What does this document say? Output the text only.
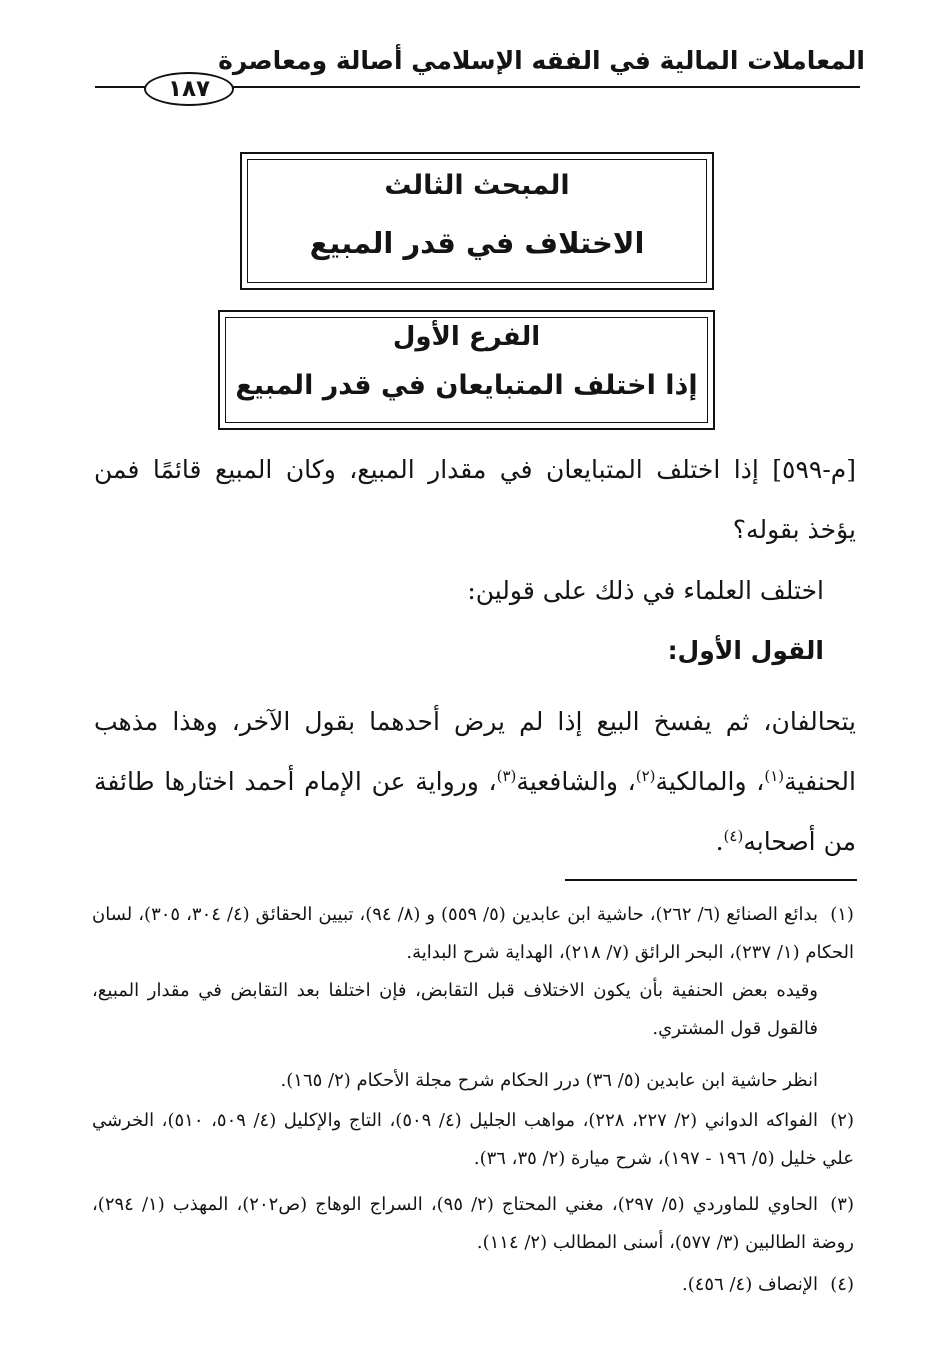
المعاملات المالية في الفقه الإسلامي أصالة ومعاصرة
١٨٧
المبحث الثالث
الاختلاف في قدر المبيع
الفرع الأول
إذا اختلف المتبايعان في قدر المبيع
[م-٥٩٩] إذا اختلف المتبايعان في مقدار المبيع، وكان المبيع قائمًا فمن يؤخذ بقوله؟
اختلف العلماء في ذلك على قولين:
القول الأول:
يتحالفان، ثم يفسخ البيع إذا لم يرض أحدهما بقول الآخر، وهذا مذهب الحنفية$^{(١)}$، والمالكية$^{(٢)}$، والشافعية$^{(٣)}$، ورواية عن الإمام أحمد اختارها طائفة من أصحابه$^{(٤)}$.
(١)بدائع الصنائع (٦/ ٢٦٢)، حاشية ابن عابدين (٥/ ٥٥٩) و (٨/ ٩٤)، تبيين الحقائق (٤/ ٣٠٤، ٣٠٥)، لسان الحكام (١/ ٢٣٧)، البحر الرائق (٧/ ٢١٨)، الهداية شرح البداية.
وقيده بعض الحنفية بأن يكون الاختلاف قبل التقابض، فإن اختلفا بعد التقابض في مقدار المبيع، فالقول قول المشتري.
انظر حاشية ابن عابدين (٥/ ٣٦) درر الحكام شرح مجلة الأحكام (٢/ ١٦٥).
(٢)الفواكه الدواني (٢/ ٢٢٧، ٢٢٨)، مواهب الجليل (٤/ ٥٠٩)، التاج والإكليل (٤/ ٥٠٩، ٥١٠)، الخرشي علي خليل (٥/ ١٩٦ - ١٩٧)، شرح ميارة (٢/ ٣٥، ٣٦).
(٣)الحاوي للماوردي (٥/ ٢٩٧)، مغني المحتاج (٢/ ٩٥)، السراج الوهاج (ص٢٠٢)، المهذب (١/ ٢٩٤)، روضة الطالبين (٣/ ٥٧٧)، أسنى المطالب (٢/ ١١٤).
(٤)الإنصاف (٤/ ٤٥٦).
